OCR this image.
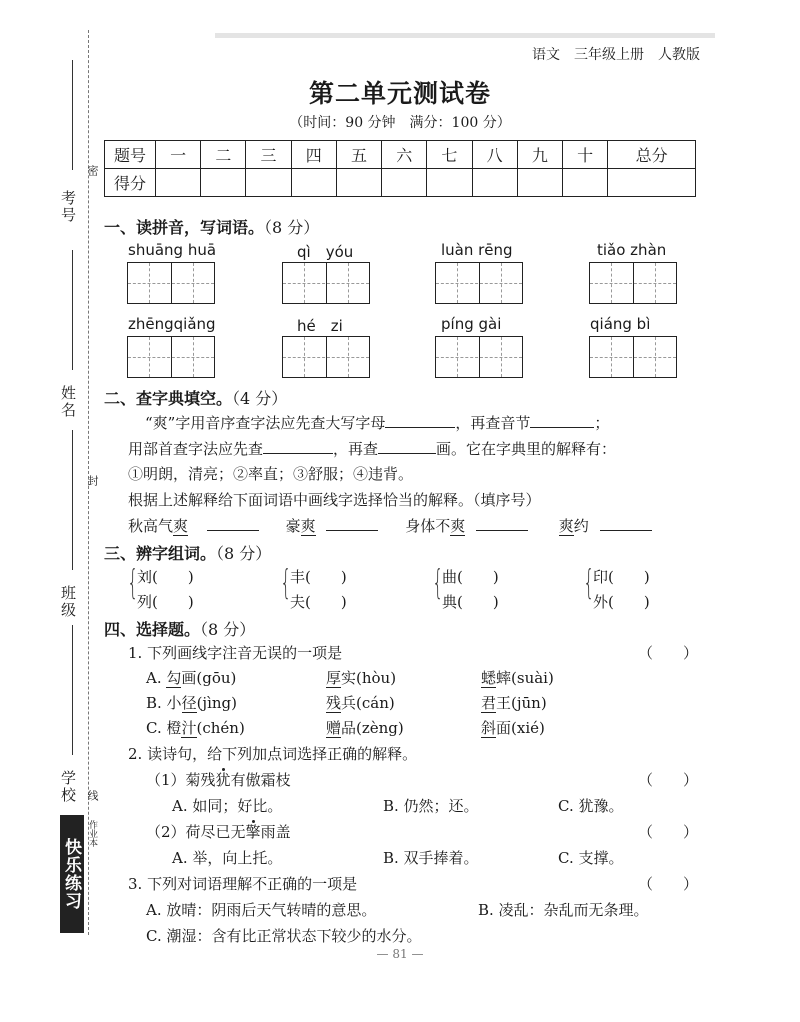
考号
密
姓名
封
班级
学校 线
快乐练习
作业本
语文　三年级上册　人教版
第二单元测试卷
（时间：90 分钟　满分：100 分）
题号	一	二	三	四	五	六	七	八	九	十	总分
得分											
一、读拼音，写词语。（8 分）
shuāng huā	qì　yóu	luàn rēng	tiǎo zhàn
zhēngqiǎng	hé　zi	píng gài	qiáng bì
二、查字典填空。（4 分）
“爽”字用音序查字法应先查大写字母	，再查音节	；
用部首查字法应先查	，再查	画。它在字典里的解释有：
①明朗，清亮；②率直；③舒服；④违背。
根据上述解释给下面词语中画线字选择恰当的解释。（填序号）
秋高气爽	豪爽	身体不爽	爽约
三、辨字组词。（8 分）
{
刘(　　)
列(　　)	{
丰(　　)
夫(　　)	{
曲(　　)
典(　　) {
印(　　)
外(　　)
四、选择题。（8 分）
1. 下列画线字注音无误的一项是	（　　）
A. 勾画(gōu)	厚实(hòu)	蟋蟀(suài)
B. 小径(jìng)	残兵(cán)	君王(jūn)
C. 橙汁(chén)	赠品(zèng)	斜面(xié)
2. 读诗句，给下列加点词选择正确的解释。
（1）菊残犹有傲霜枝	（　　）
A. 如同；好比。	B. 仍然；还。	C. 犹豫。
（2）荷尽已无擎雨盖	（　　）
A. 举，向上托。	B. 双手捧着。	C. 支撑。
3. 下列对词语理解不正确的一项是	（　　）
A. 放晴：阴雨后天气转晴的意思。	B. 凌乱：杂乱而无条理。
C. 潮湿：含有比正常状态下较少的水分。
— 81 —
